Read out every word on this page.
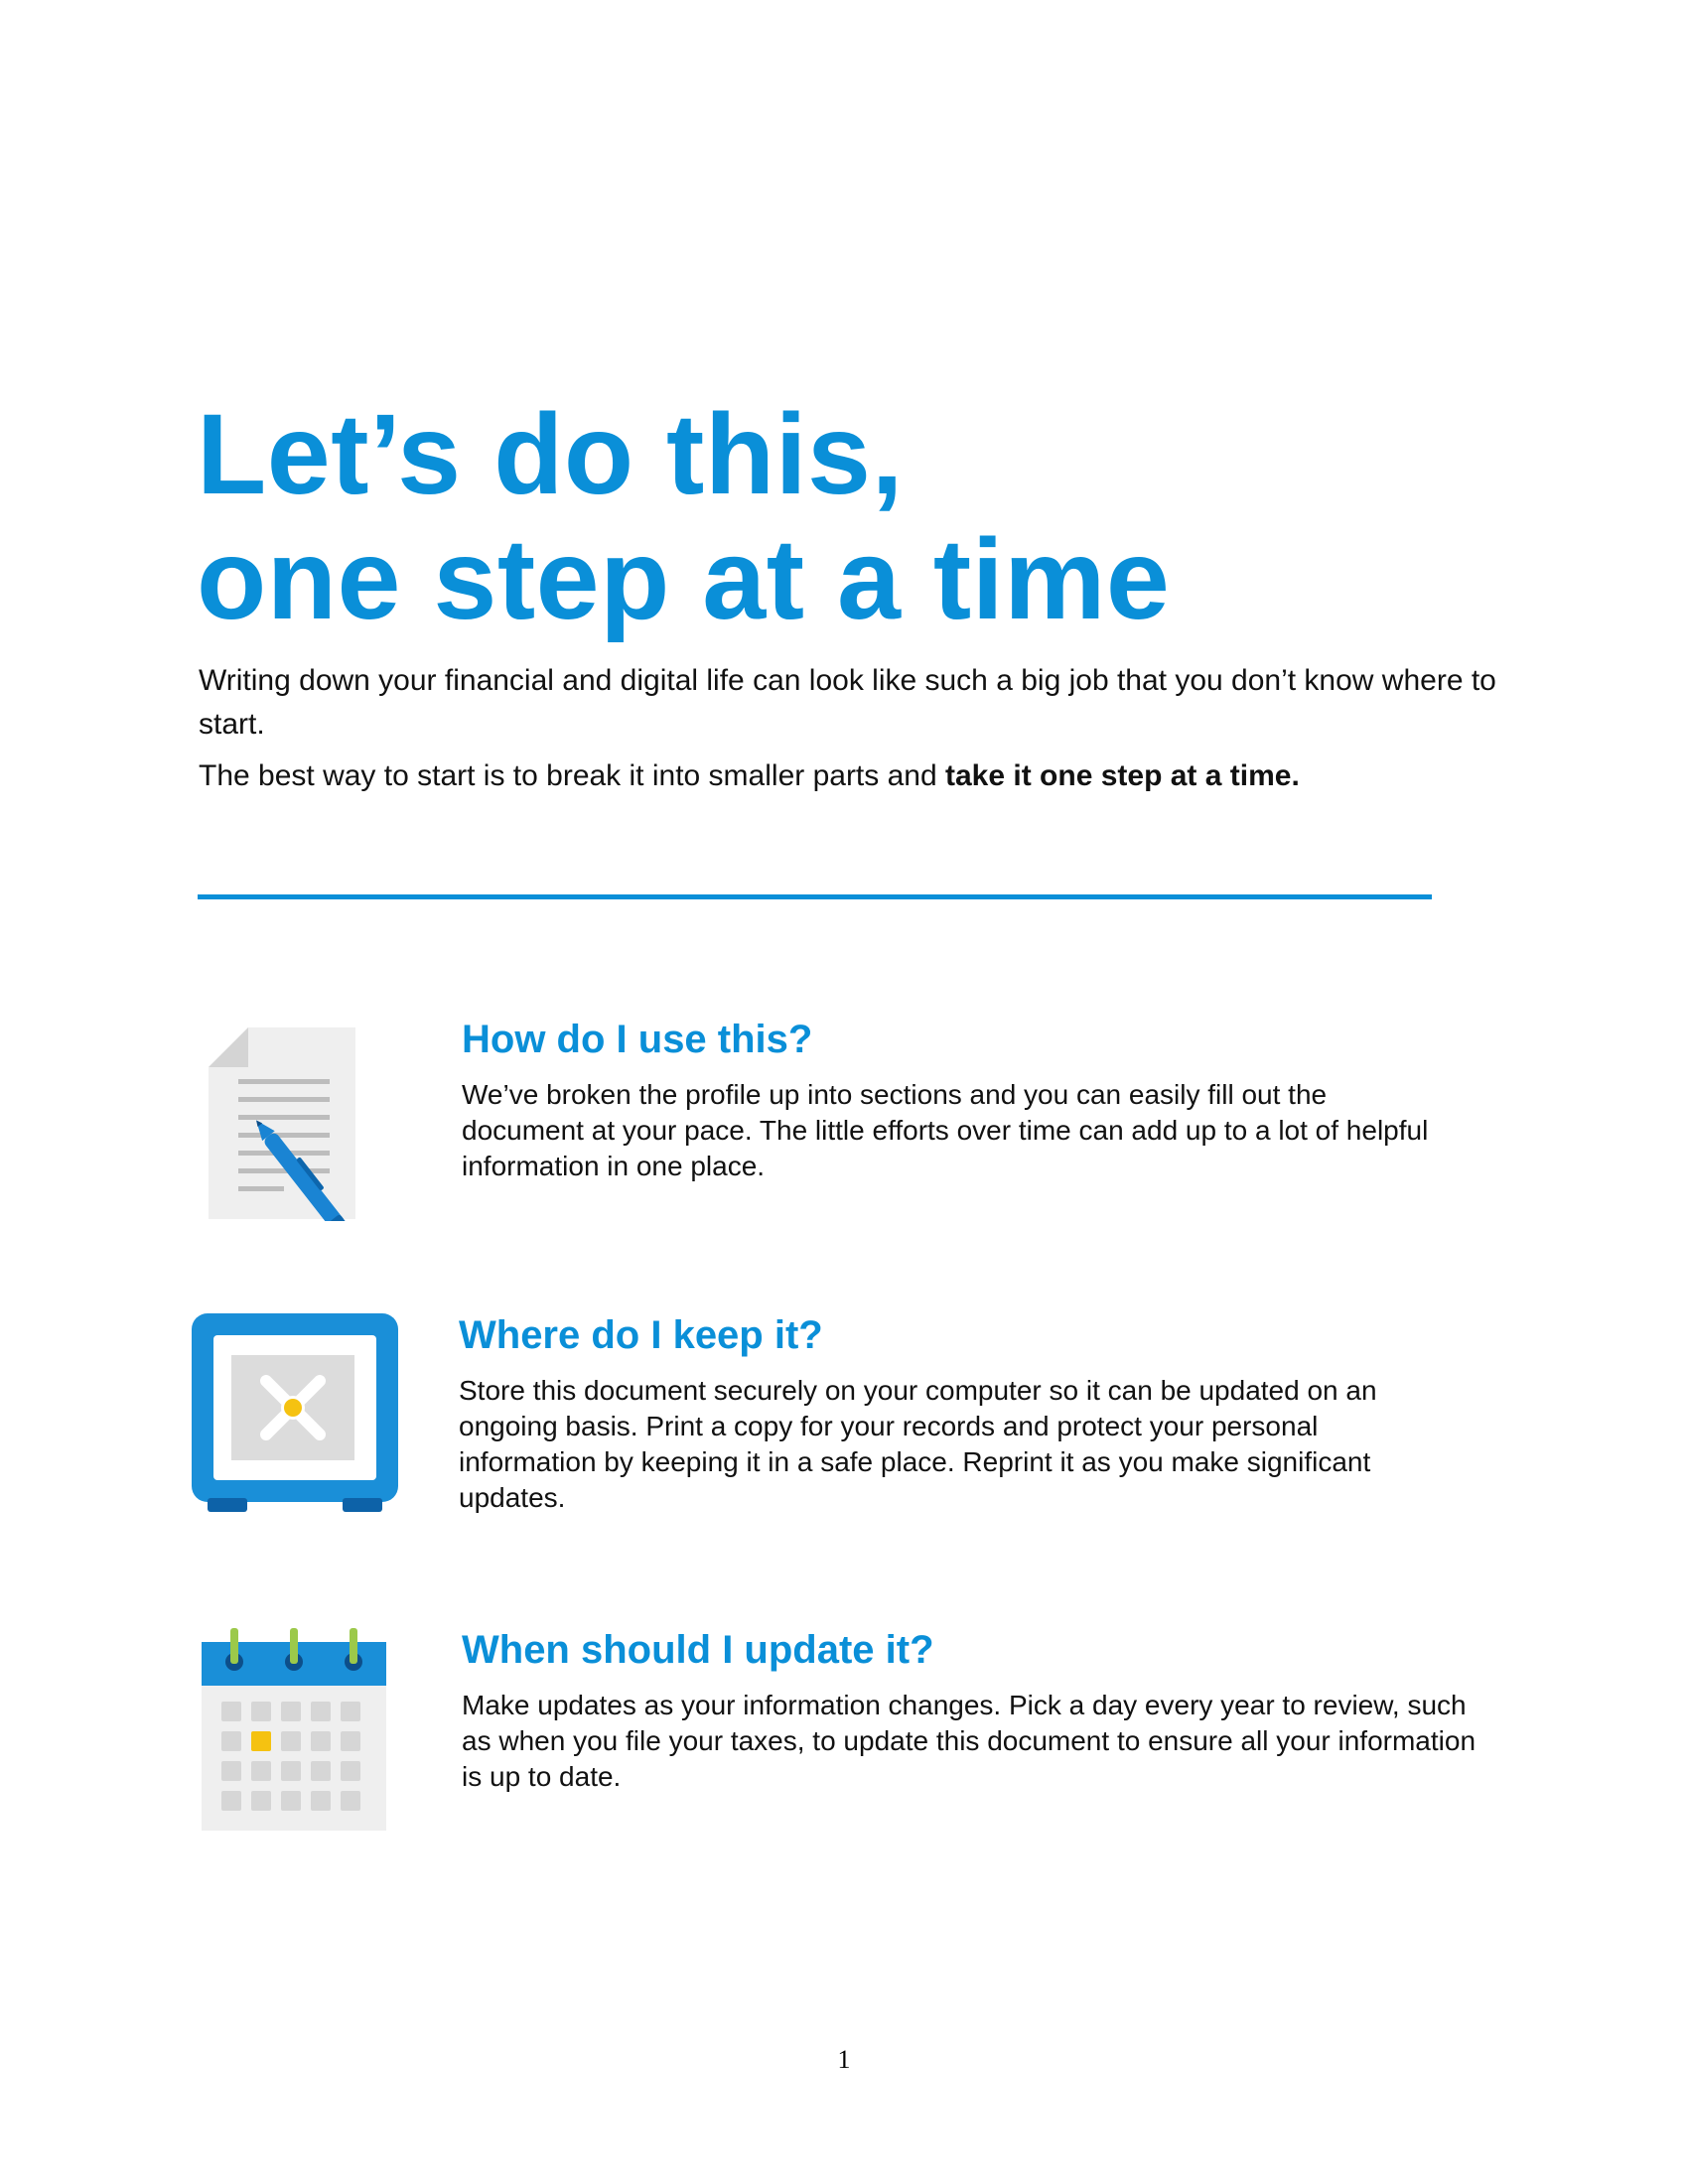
Let’s do this,
one step at a time

Writing down your financial and digital life can look like such a big job that you don’t know where to start.

The best way to start is to break it into smaller parts and take it one step at a time.

How do I use this?

We’ve broken the profile up into sections and you can easily fill out the document at your pace. The little efforts over time can add up to a lot of helpful information in one place.

Where do I keep it?

Store this document securely on your computer so it can be updated on an ongoing basis. Print a copy for your records and protect your personal information by keeping it in a safe place. Reprint it as you make significant updates.

When should I update it?

Make updates as your information changes. Pick a day every year to review, such as when you file your taxes, to update this document to ensure all your information is up to date.

1
